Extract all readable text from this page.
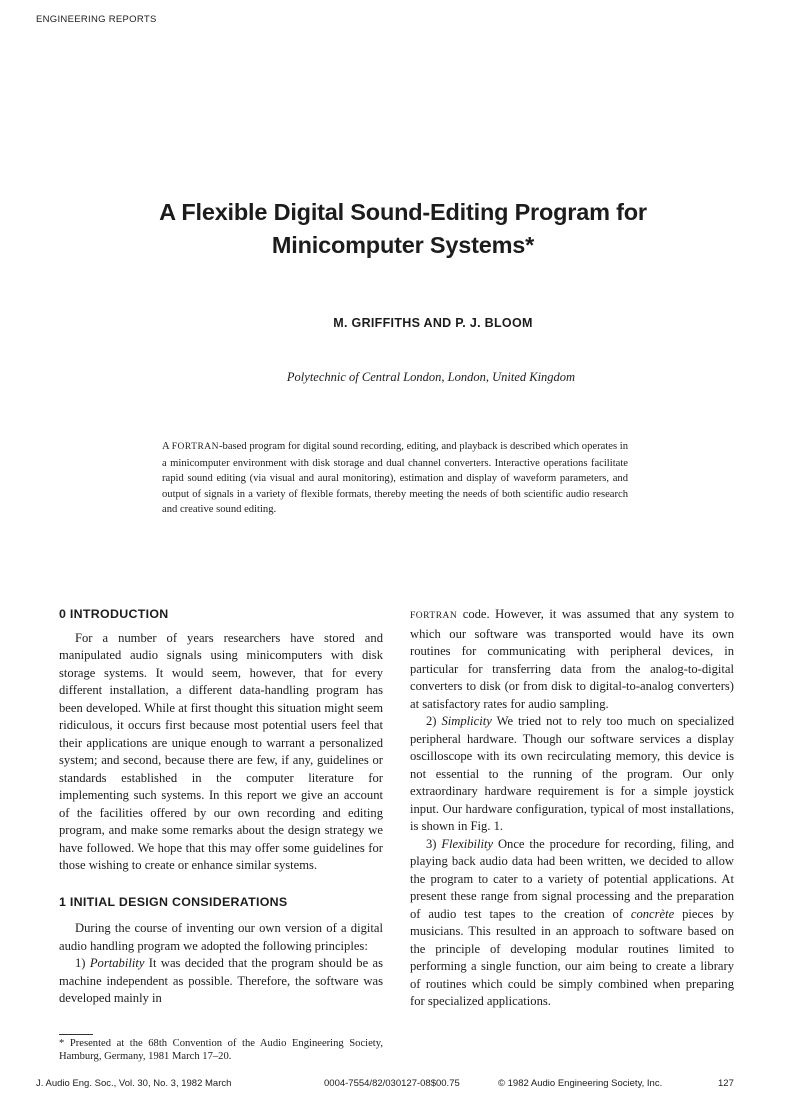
ENGINEERING REPORTS
A Flexible Digital Sound-Editing Program for
Minicomputer Systems*
M. GRIFFITHS AND P. J. BLOOM
Polytechnic of Central London, London, United Kingdom
A FORTRAN-based program for digital sound recording, editing, and playback is described which operates in a minicomputer environment with disk storage and dual channel converters. Interactive operations facilitate rapid sound editing (via visual and aural monitoring), estimation and display of waveform parameters, and output of signals in a variety of flexible formats, thereby meeting the needs of both scientific audio research and creative sound editing.

0 INTRODUCTION

For a number of years researchers have stored and manipulated audio signals using minicomputers with disk storage systems. It would seem, however, that for every different installation, a different data-handling program has been developed. While at first thought this situation might seem ridiculous, it occurs first because most potential users feel that their applications are unique enough to warrant a personalized system; and second, because there are few, if any, guidelines or standards established in the computer literature for implementing such systems. In this report we give an account of the facilities offered by our own recording and editing program, and make some remarks about the design strategy we have followed. We hope that this may offer some guidelines for those wishing to create or enhance similar systems.

1 INITIAL DESIGN CONSIDERATIONS

During the course of inventing our own version of a digital audio handling program we adopted the following principles:

1) Portability It was decided that the program should be as machine independent as possible. Therefore, the software was developed mainly in

FORTRAN code. However, it was assumed that any system to which our software was transported would have its own routines for communicating with peripheral devices, in particular for transferring data from the analog-to-digital converters to disk (or from disk to digital-to-analog converters) at satisfactory rates for audio sampling.

2) Simplicity We tried not to rely too much on specialized peripheral hardware. Though our software services a display oscilloscope with its own recirculating memory, this device is not essential to the running of the program. Our only extraordinary hardware requirement is for a simple joystick input. Our hardware configuration, typical of most installations, is shown in Fig. 1.

3) Flexibility Once the procedure for recording, filing, and playing back audio data had been written, we decided to allow the program to cater to a variety of potential applications. At present these range from signal processing and the preparation of audio test tapes to the creation of concrète pieces by musicians. This resulted in an approach to software based on the principle of developing modular routines limited to performing a single function, our aim being to create a library of routines which could be simply combined when preparing for specialized applications.

* Presented at the 68th Convention of the Audio Engineering Society, Hamburg, Germany, 1981 March 17–20.
J. Audio Eng. Soc., Vol. 30, No. 3, 1982 March	0004-7554/82/030127-08$00.75	© 1982 Audio Engineering Society, Inc.	127
